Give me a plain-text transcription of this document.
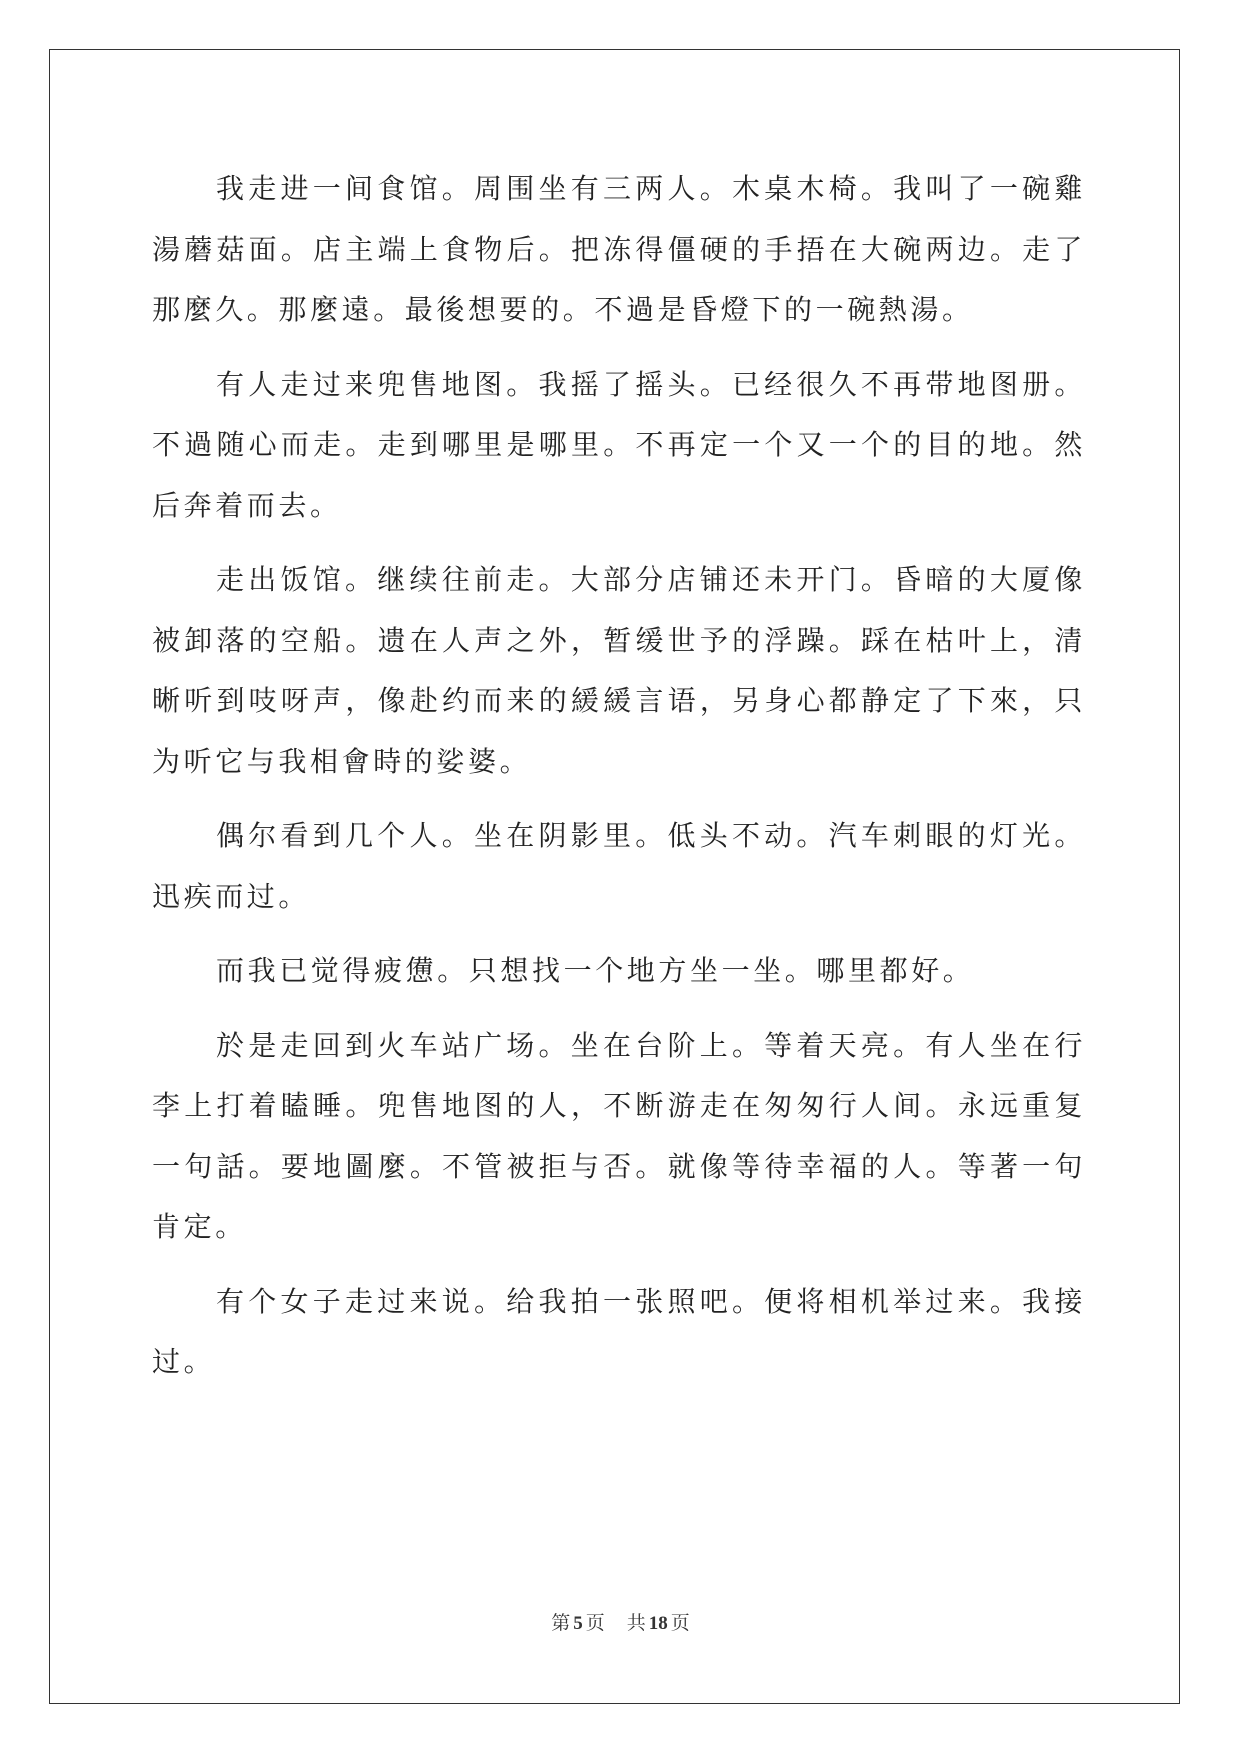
我走进一间食馆。周围坐有三两人。木桌木椅。我叫了一碗雞湯蘑菇面。店主端上食物后。把冻得僵硬的手捂在大碗两边。走了那麼久。那麼遠。最後想要的。不過是昏燈下的一碗熱湯。

有人走过来兜售地图。我摇了摇头。已经很久不再带地图册。不過随心而走。走到哪里是哪里。不再定一个又一个的目的地。然后奔着而去。

走出饭馆。继续往前走。大部分店铺还未开门。昏暗的大厦像被卸落的空船。遗在人声之外，暂缓世予的浮躁。踩在枯叶上，清晰听到吱呀声，像赴约而来的緩緩言语，另身心都静定了下來，只为听它与我相會時的娑婆。

偶尔看到几个人。坐在阴影里。低头不动。汽车刺眼的灯光。迅疾而过。

而我已觉得疲憊。只想找一个地方坐一坐。哪里都好。

於是走回到火车站广场。坐在台阶上。等着天亮。有人坐在行李上打着瞌睡。兜售地图的人，不断游走在匆匆行人间。永远重复一句話。要地圖麼。不管被拒与否。就像等待幸福的人。等著一句肯定。

有个女子走过来说。给我拍一张照吧。便将相机举过来。我接过。

第 5 页 共 18 页
